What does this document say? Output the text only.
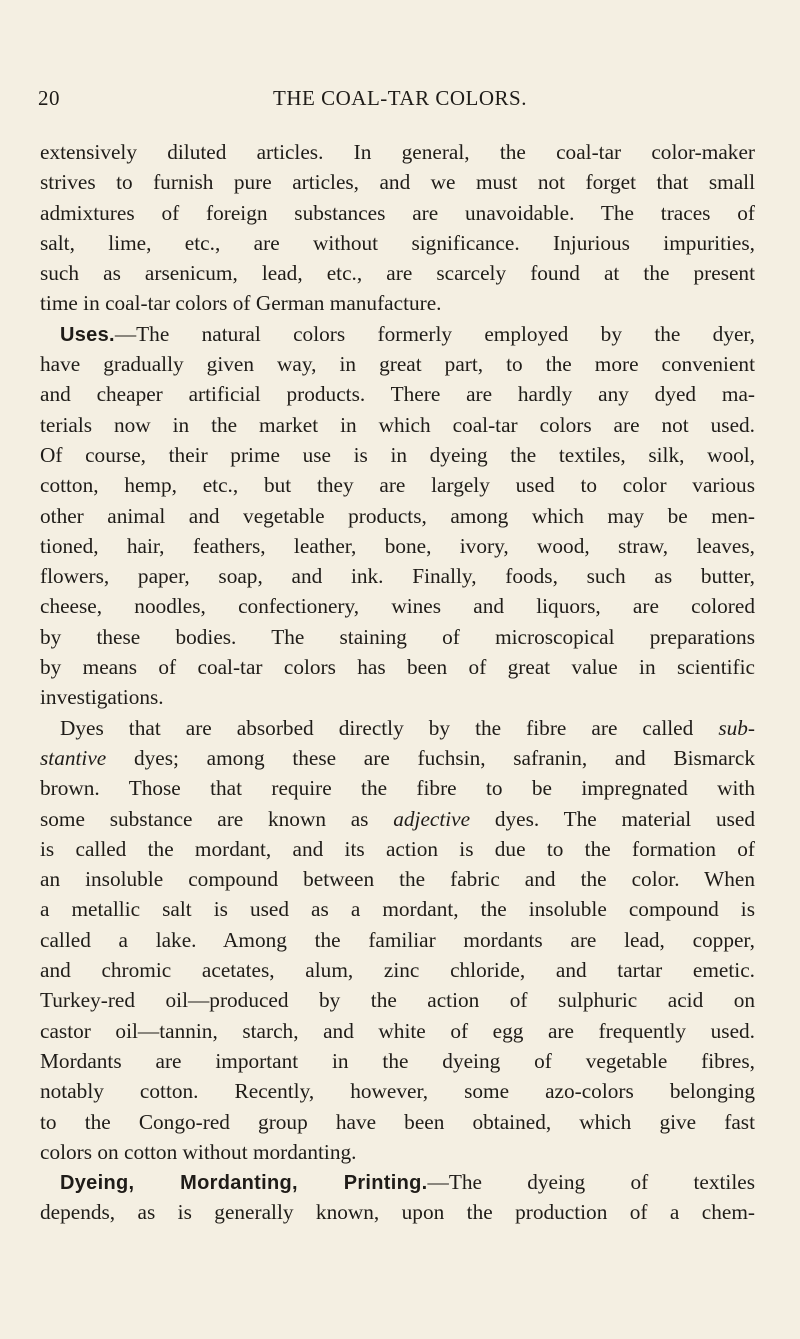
20	THE COAL-TAR COLORS.
extensively diluted articles. In general, the coal-tar color-maker
strives to furnish pure articles, and we must not forget that small
admixtures of foreign substances are unavoidable. The traces of
salt, lime, etc., are without significance. Injurious impurities,
such as arsenicum, lead, etc., are scarcely found at the present
time in coal-tar colors of German manufacture.
Uses.—The natural colors formerly employed by the dyer,
have gradually given way, in great part, to the more convenient
and cheaper artificial products. There are hardly any dyed ma-
terials now in the market in which coal-tar colors are not used.
Of course, their prime use is in dyeing the textiles, silk, wool,
cotton, hemp, etc., but they are largely used to color various
other animal and vegetable products, among which may be men-
tioned, hair, feathers, leather, bone, ivory, wood, straw, leaves,
flowers, paper, soap, and ink. Finally, foods, such as butter,
cheese, noodles, confectionery, wines and liquors, are colored
by these bodies. The staining of microscopical preparations
by means of coal-tar colors has been of great value in scientific
investigations.
Dyes that are absorbed directly by the fibre are called sub-
stantive dyes; among these are fuchsin, safranin, and Bismarck
brown. Those that require the fibre to be impregnated with
some substance are known as adjective dyes. The material used
is called the mordant, and its action is due to the formation of
an insoluble compound between the fabric and the color. When
a metallic salt is used as a mordant, the insoluble compound is
called a lake. Among the familiar mordants are lead, copper,
and chromic acetates, alum, zinc chloride, and tartar emetic.
Turkey-red oil—produced by the action of sulphuric acid on
castor oil—tannin, starch, and white of egg are frequently used.
Mordants are important in the dyeing of vegetable fibres,
notably cotton. Recently, however, some azo-colors belonging
to the Congo-red group have been obtained, which give fast
colors on cotton without mordanting.
Dyeing, Mordanting, Printing.—The dyeing of textiles
depends, as is generally known, upon the production of a chem-
